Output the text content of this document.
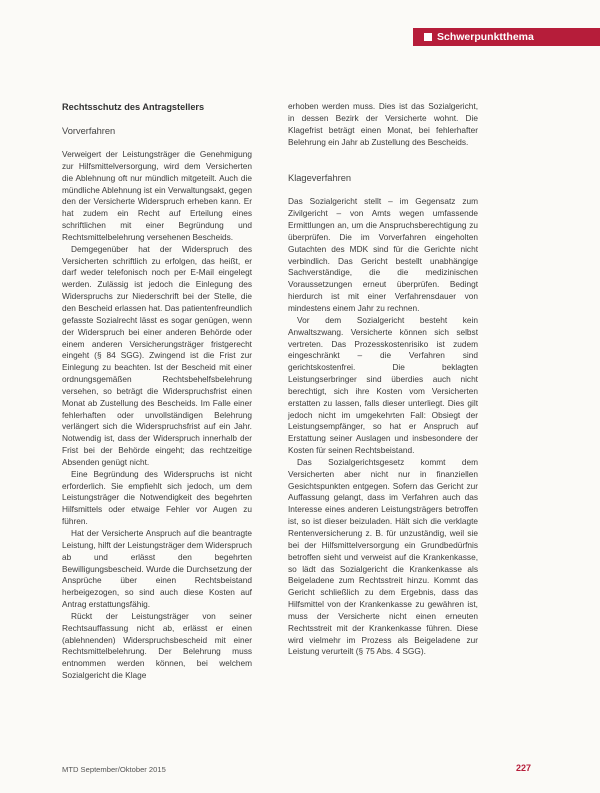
Schwerpunktthema

Rechtsschutz des Antragstellers

Vorverfahren

Verweigert der Leistungsträger die Genehmigung zur Hilfsmittelversorgung, wird dem Versicherten die Ablehnung oft nur mündlich mitgeteilt. Auch die mündliche Ablehnung ist ein Verwaltungsakt, gegen den der Versicherte Widerspruch erheben kann. Er hat zudem ein Recht auf Erteilung eines schriftlichen mit einer Begründung und Rechtsmittelbelehrung versehenen Bescheids.

Demgegenüber hat der Widerspruch des Versicherten schriftlich zu erfolgen, das heißt, er darf weder telefonisch noch per E-Mail eingelegt werden. Zulässig ist jedoch die Einlegung des Widerspruchs zur Niederschrift bei der Stelle, die den Bescheid erlassen hat. Das patientenfreundlich gefasste Sozialrecht lässt es sogar genügen, wenn der Widerspruch bei einer anderen Behörde oder einem anderen Versicherungsträger fristgerecht eingeht (§ 84 SGG). Zwingend ist die Frist zur Einlegung zu beachten. Ist der Bescheid mit einer ordnungsgemäßen Rechtsbehelfsbelehrung versehen, so beträgt die Widerspruchsfrist einen Monat ab Zustellung des Bescheids. Im Falle einer fehlerhaften oder unvollständigen Belehrung verlängert sich die Widerspruchsfrist auf ein Jahr. Notwendig ist, dass der Widerspruch innerhalb der Frist bei der Behörde eingeht; das rechtzeitige Absenden genügt nicht.

Eine Begründung des Widerspruchs ist nicht erforderlich. Sie empfiehlt sich jedoch, um dem Leistungsträger die Notwendigkeit des begehrten Hilfsmittels oder etwaige Fehler vor Augen zu führen.

Hat der Versicherte Anspruch auf die beantragte Leistung, hilft der Leistungsträger dem Widerspruch ab und erlässt den begehrten Bewilligungsbescheid. Wurde die Durchsetzung der Ansprüche über einen Rechtsbeistand herbeigezogen, so sind auch diese Kosten auf Antrag erstattungsfähig.

Rückt der Leistungsträger von seiner Rechtsauffassung nicht ab, erlässt er einen (ablehnenden) Widerspruchsbescheid mit einer Rechtsmittelbelehrung. Der Belehrung muss entnommen werden können, bei welchem Sozialgericht die Klage

erhoben werden muss. Dies ist das Sozialgericht, in dessen Bezirk der Versicherte wohnt. Die Klagefrist beträgt einen Monat, bei fehlerhafter Belehrung ein Jahr ab Zustellung des Bescheids.

Klageverfahren

Das Sozialgericht stellt – im Gegensatz zum Zivilgericht – von Amts wegen umfassende Ermittlungen an, um die Anspruchsberechtigung zu überprüfen. Die im Vorverfahren eingeholten Gutachten des MDK sind für die Gerichte nicht verbindlich. Das Gericht bestellt unabhängige Sachverständige, die die medizinischen Voraussetzungen erneut überprüfen. Bedingt hierdurch ist mit einer Verfahrensdauer von mindestens einem Jahr zu rechnen.

Vor dem Sozialgericht besteht kein Anwaltszwang. Versicherte können sich selbst vertreten. Das Prozesskostenrisiko ist zudem eingeschränkt – die Verfahren sind gerichtskostenfrei. Die beklagten Leistungserbringer sind überdies auch nicht berechtigt, sich ihre Kosten vom Versicherten erstatten zu lassen, falls dieser unterliegt. Dies gilt jedoch nicht im umgekehrten Fall: Obsiegt der Leistungsempfänger, so hat er Anspruch auf Erstattung seiner Auslagen und insbesondere der Kosten für seinen Rechtsbeistand.

Das Sozialgerichtsgesetz kommt dem Versicherten aber nicht nur in finanziellen Gesichtspunkten entgegen. Sofern das Gericht zur Auffassung gelangt, dass im Verfahren auch das Interesse eines anderen Leistungsträgers betroffen ist, so ist dieser beizuladen. Hält sich die verklagte Rentenversicherung z. B. für unzuständig, weil sie bei der Hilfsmittelversorgung ein Grundbedürfnis betroffen sieht und verweist auf die Krankenkasse, so lädt das Sozialgericht die Krankenkasse als Beigeladene zum Rechtsstreit hinzu. Kommt das Gericht schließlich zu dem Ergebnis, dass das Hilfsmittel von der Krankenkasse zu gewähren ist, muss der Versicherte nicht einen erneuten Rechtsstreit mit der Krankenkasse führen. Diese wird vielmehr im Prozess als Beigeladene zur Leistung verurteilt (§ 75 Abs. 4 SGG).

MTD September/Oktober 2015	227
